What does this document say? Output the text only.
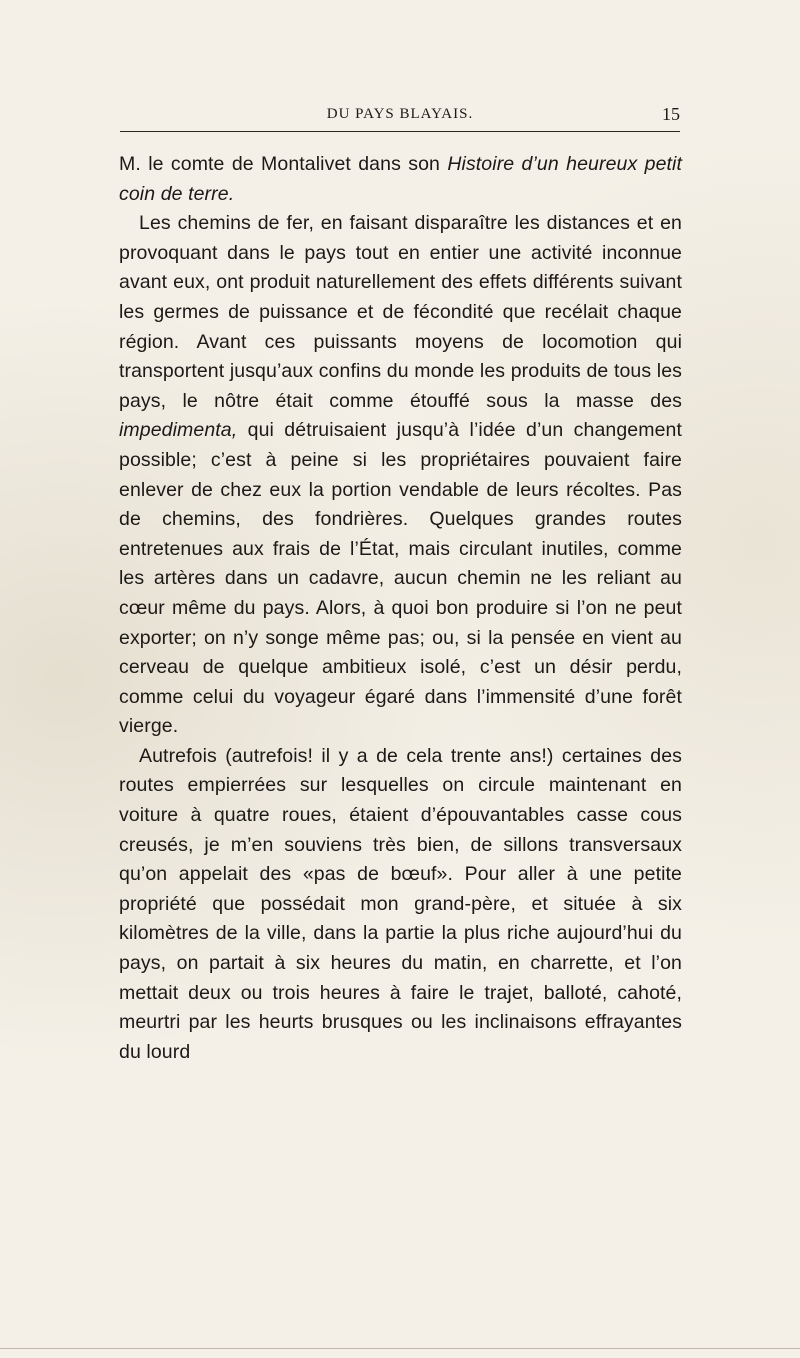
DU PAYS BLAYAIS.	15

M. le comte de Montalivet dans son Histoire d’un heureux petit coin de terre.

Les chemins de fer, en faisant disparaître les distances et en provoquant dans le pays tout en entier une activité inconnue avant eux, ont produit naturellement des effets différents suivant les germes de puissance et de fécondité que recélait chaque région. Avant ces puissants moyens de locomotion qui transportent jusqu’aux confins du monde les produits de tous les pays, le nôtre était comme étouffé sous la masse des impedimenta, qui détruisaient jusqu’à l’idée d’un changement possible; c’est à peine si les propriétaires pouvaient faire enlever de chez eux la portion vendable de leurs récoltes. Pas de chemins, des fondrières. Quelques grandes routes entretenues aux frais de l’État, mais circulant inutiles, comme les artères dans un cadavre, aucun chemin ne les reliant au cœur même du pays. Alors, à quoi bon produire si l’on ne peut exporter; on n’y songe même pas; ou, si la pensée en vient au cerveau de quelque ambitieux isolé, c’est un désir perdu, comme celui du voyageur égaré dans l’immensité d’une forêt vierge.

Autrefois (autrefois! il y a de cela trente ans!) certaines des routes empierrées sur lesquelles on circule maintenant en voiture à quatre roues, étaient d’épouvantables casse cous creusés, je m’en souviens très bien, de sillons transversaux qu’on appelait des «pas de bœuf». Pour aller à une petite propriété que possédait mon grand-père, et située à six kilomètres de la ville, dans la partie la plus riche aujourd’hui du pays, on partait à six heures du matin, en charrette, et l’on mettait deux ou trois heures à faire le trajet, balloté, cahoté, meurtri par les heurts brusques ou les inclinaisons effrayantes du lourd
